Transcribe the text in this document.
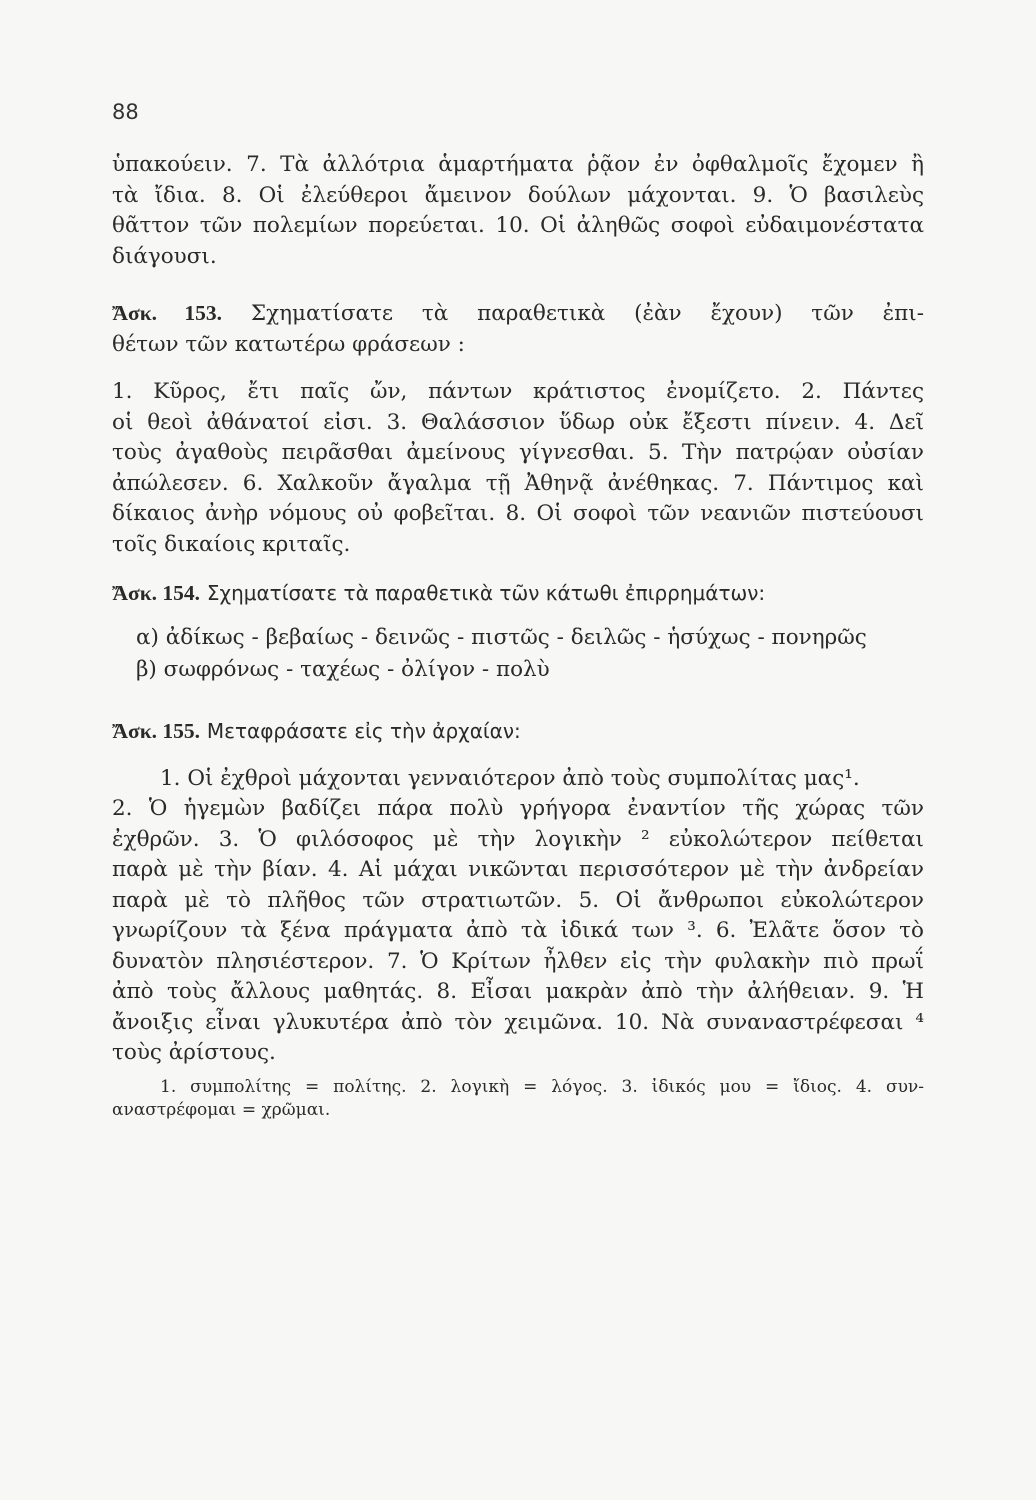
88
ὑπακούειν. 7. Τὰ ἀλλότρια ἁμαρτήματα ῥᾷον ἐν ὀφθαλμοῖς ἔχομεν ἢ
τὰ ἴδια. 8. Οἱ ἐλεύθεροι ἄμεινον δούλων μάχονται. 9. Ὁ βασιλεὺς
θᾶττον τῶν πολεμίων πορεύεται. 10. Οἱ ἀληθῶς σοφοὶ εὐδαιμονέστατα
διάγουσι.
Ἄσκ. 153. Σχηματίσατε τὰ παραθετικὰ (ἐὰν ἔχουν) τῶν ἐπι-
θέτων τῶν κατωτέρω φράσεων :
1. Κῦρος, ἔτι παῖς ὤν, πάντων κράτιστος ἐνομίζετο. 2. Πάντες
οἱ θεοὶ ἀθάνατοί εἰσι. 3. Θαλάσσιον ὕδωρ οὐκ ἔξεστι πίνειν. 4. Δεῖ
τοὺς ἀγαθοὺς πειρᾶσθαι ἀμείνους γίγνεσθαι. 5. Τὴν πατρῴαν οὐσίαν
ἀπώλεσεν. 6. Χαλκοῦν ἄγαλμα τῇ Ἀθηνᾷ ἀνέθηκας. 7. Πάντιμος καὶ
δίκαιος ἀνὴρ νόμους οὐ φοβεῖται. 8. Οἱ σοφοὶ τῶν νεανιῶν πιστεύουσι
τοῖς δικαίοις κριταῖς.
Ἄσκ. 154. Σχηματίσατε τὰ παραθετικὰ τῶν κάτωθι ἐπιρρημάτων:
α) ἀδίκως - βεβαίως - δεινῶς - πιστῶς - δειλῶς - ἡσύχως - πονηρῶς
β) σωφρόνως - ταχέως - ὀλίγον - πολὺ
Ἄσκ. 155. Μεταφράσατε εἰς τὴν ἀρχαίαν:
1. Οἱ ἐχθροὶ μάχονται γενναιότερον ἀπὸ τοὺς συμπολίτας μας¹.
2. Ὁ ἡγεμὼν βαδίζει πάρα πολὺ γρήγορα ἐναντίον τῆς χώρας τῶν
ἐχθρῶν. 3. Ὁ φιλόσοφος μὲ τὴν λογικὴν ² εὐκολώτερον πείθεται
παρὰ μὲ τὴν βίαν. 4. Αἱ μάχαι νικῶνται περισσότερον μὲ τὴν ἀνδρείαν
παρὰ μὲ τὸ πλῆθος τῶν στρατιωτῶν. 5. Οἱ ἄνθρωποι εὐκολώτερον
γνωρίζουν τὰ ξένα πράγματα ἀπὸ τὰ ἰδικά των ³. 6. Ἐλᾶτε ὅσον τὸ
δυνατὸν πλησιέστερον. 7. Ὁ Κρίτων ἦλθεν εἰς τὴν φυλακὴν πιὸ πρωΐ
ἀπὸ τοὺς ἄλλους μαθητάς. 8. Εἶσαι μακρὰν ἀπὸ τὴν ἀλήθειαν. 9. Ἡ
ἄνοιξις εἶναι γλυκυτέρα ἀπὸ τὸν χειμῶνα. 10. Νὰ συναναστρέφεσαι ⁴
τοὺς ἀρίστους.
1. συμπολίτης = πολίτης. 2. λογικὴ = λόγος. 3. ἰδικός μου = ἴδιος. 4. συν-
αναστρέφομαι = χρῶμαι.
